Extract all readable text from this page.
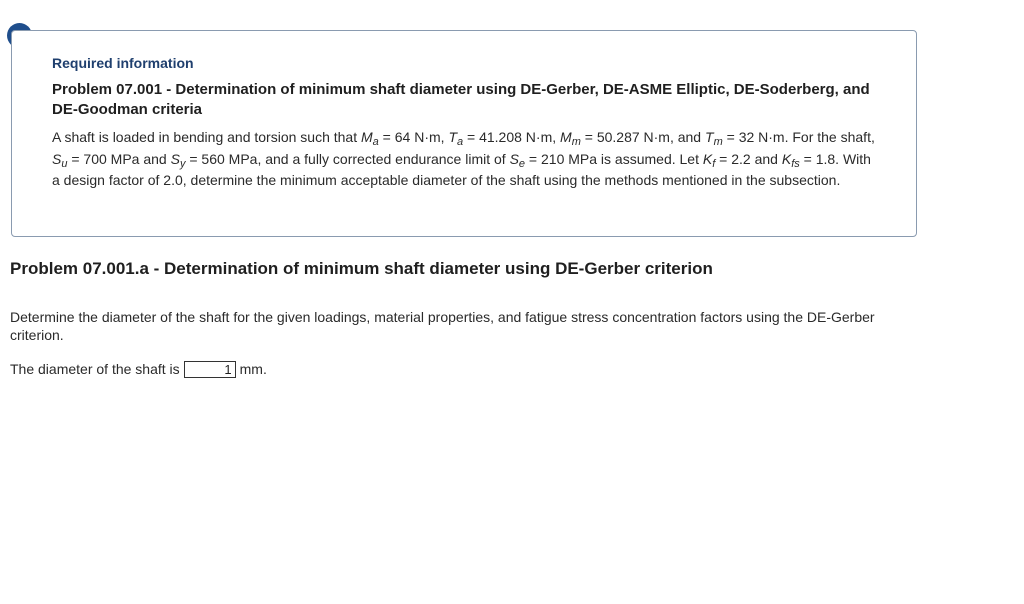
Required information
Problem 07.001 - Determination of minimum shaft diameter using DE-Gerber, DE-ASME Elliptic, DE-Soderberg, and DE-Goodman criteria

A shaft is loaded in bending and torsion such that $M_a = 64$ N·m, $T_a = 41.208$ N·m, $M_m = 50.287$ N·m, and $T_m = 32$ N·m. For the shaft, $S_u = 700$ MPa and $S_y = 560$ MPa, and a fully corrected endurance limit of $S_e = 210$ MPa is assumed. Let $K_f = 2.2$ and $K_{fs} = 1.8$. With a design factor of 2.0, determine the minimum acceptable diameter of the shaft using the methods mentioned in the subsection.

Problem 07.001.a - Determination of minimum shaft diameter using DE-Gerber criterion

Determine the diameter of the shaft for the given loadings, material properties, and fatigue stress concentration factors using the DE-Gerber criterion.

The diameter of the shaft is
1	mm.
